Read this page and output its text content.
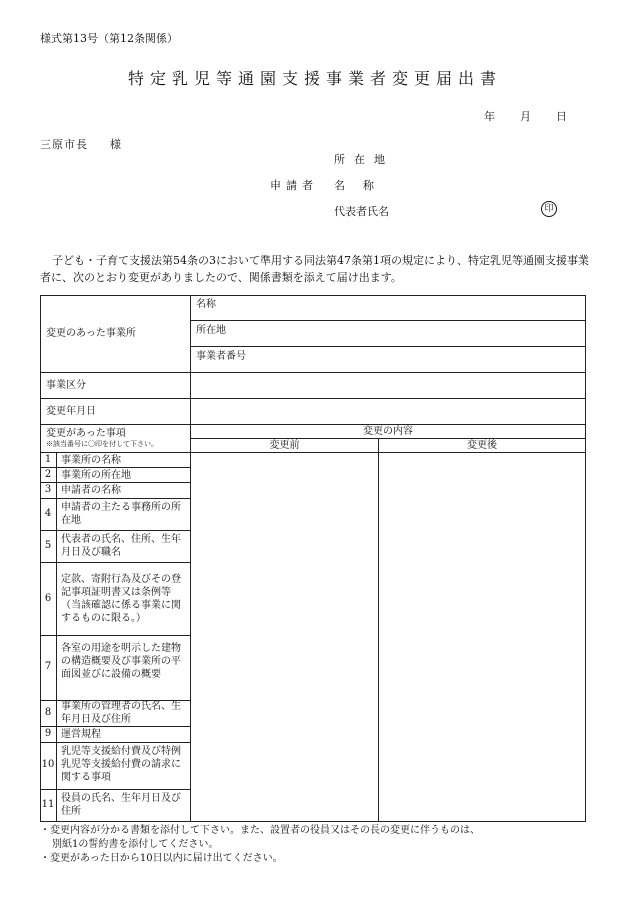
様式第13号（第12条関係）
特定乳児等通園支援事業者変更届出書
年 月 日
三原市長 様
所在地
申請者 名称
代表者氏名	印
子ども・子育て支援法第54条の3において準用する同法第47条第1項の規定により、特定乳児等通園支援事業者に、次のとおり変更がありましたので、関係書類を添えて届け出ます。
変更のあった事業所
名称
所在地
事業者番号
事業区分
変更年月日
変更があった事項
※該当番号に〇印を付して下さい。
変更の内容
変更前	変更後
1 事業所の名称
2 事業所の所在地
3 申請者の名称
4
申請者の主たる事務所の所在地
5
代表者の氏名、住所、生年月日及び職名
6
定款、寄附行為及びその登記事項証明書又は条例等（当該確認に係る事業に関するものに限る。）
7
各室の用途を明示した建物の構造概要及び事業所の平面図並びに設備の概要
8
事業所の管理者の氏名、生年月日及び住所
9 運営規程
10
乳児等支援給付費及び特例乳児等支援給付費の請求に関する事項
11
役員の氏名、生年月日及び住所
・変更内容が分かる書類を添付して下さい。また、設置者の役員又はその長の変更に伴うものは、
別紙1の誓約書を添付してください。
・変更があった日から10日以内に届け出てください。
